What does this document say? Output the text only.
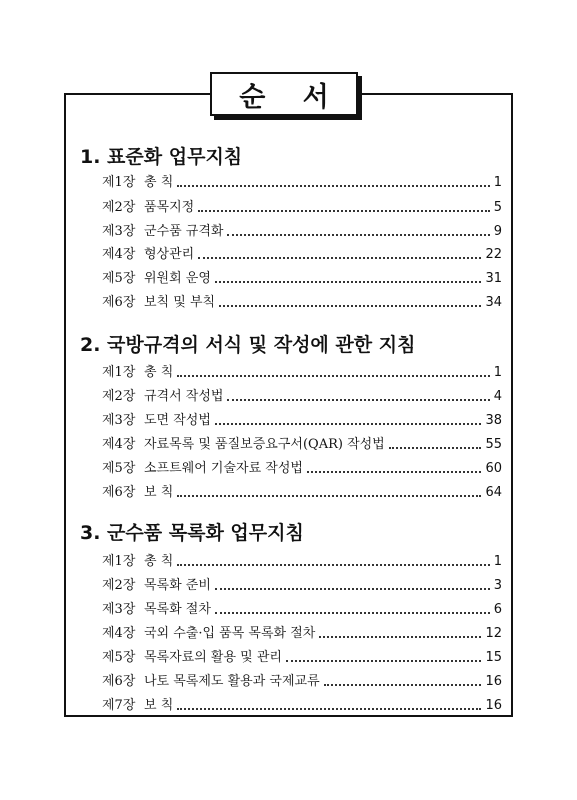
순 서
1. 표준화 업무지침
제1장 총 칙	1
제2장 품목지정	5
제3장 군수품 규격화	9
제4장 형상관리	22
제5장 위원회 운영	31
제6장 보칙 및 부칙	34
2. 국방규격의 서식 및 작성에 관한 지침
제1장 총 칙	1
제2장 규격서 작성법	4
제3장 도면 작성법	38
제4장 자료목록 및 품질보증요구서(QAR) 작성법	55
제5장 소프트웨어 기술자료 작성법	60
제6장 보 칙	64
3. 군수품 목록화 업무지침
제1장 총 칙	1
제2장 목록화 준비	3
제3장 목록화 절차	6
제4장 국외 수출·입 품목 목록화 절차	12
제5장 목록자료의 활용 및 관리	15
제6장 나토 목록제도 활용과 국제교류	16
제7장 보 칙	16
